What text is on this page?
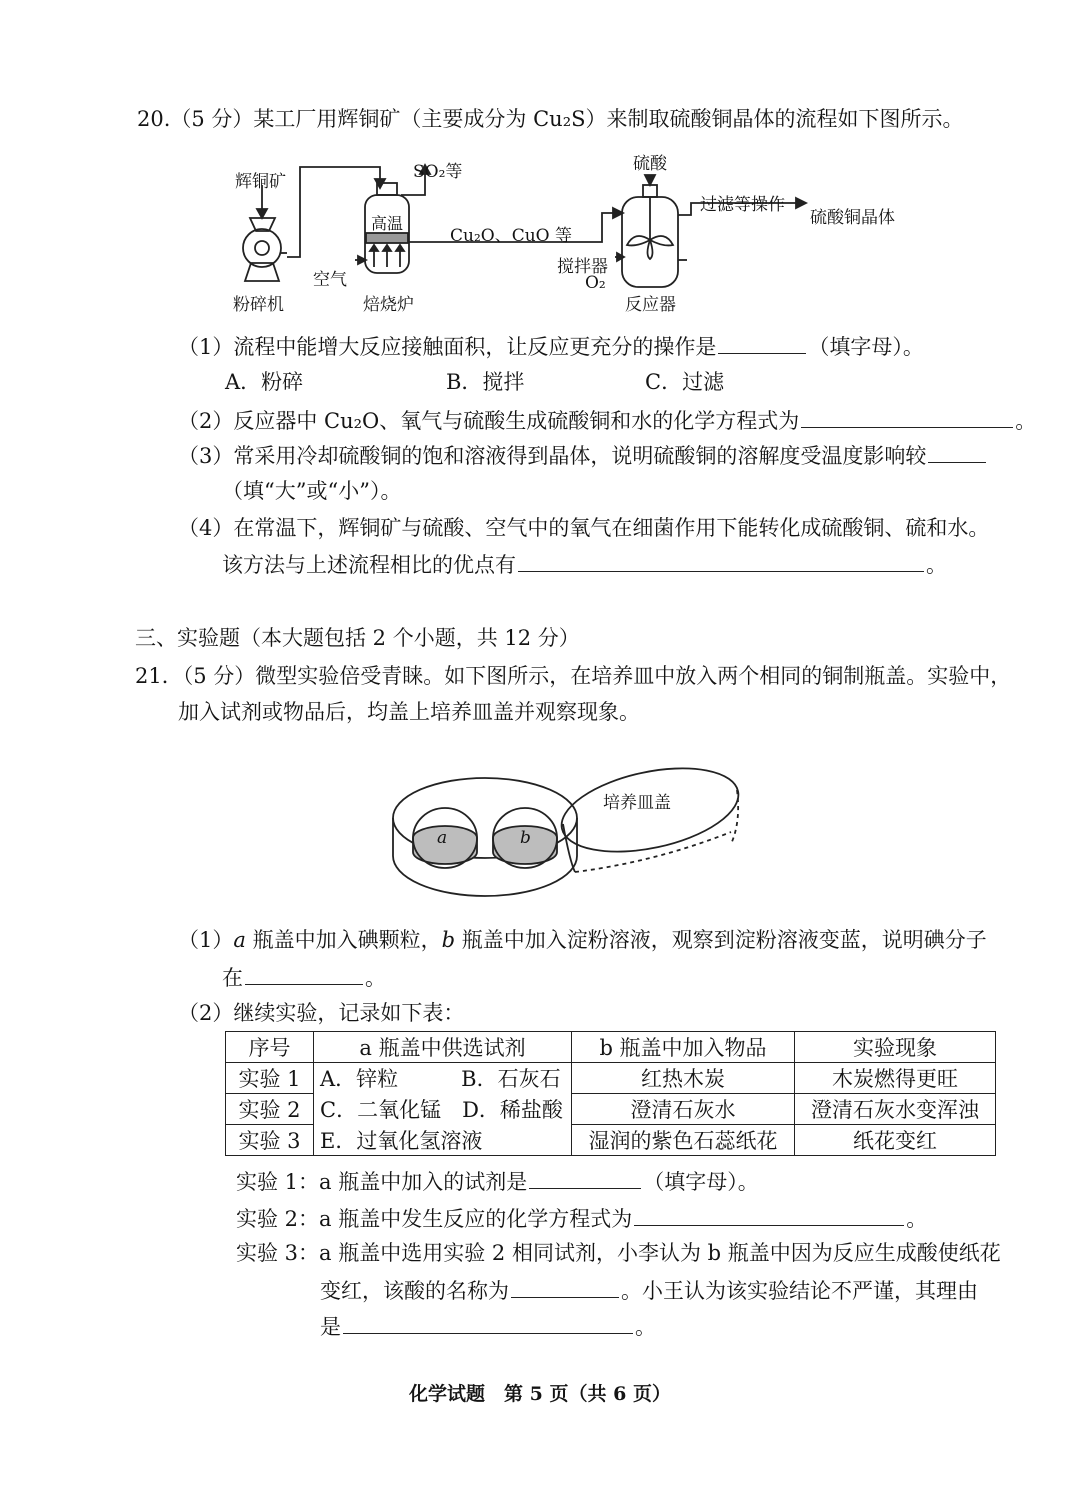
20.（5 分）某工厂用辉铜矿（主要成分为 Cu₂S）来制取硫酸铜晶体的流程如下图所示。
辉铜矿
粉碎机
SO₂等
高温
空气
焙烧炉
Cu₂O、CuO 等
硫酸
搅拌器
O₂
反应器
过滤等操作
硫酸铜晶体
（1）流程中能增大反应接触面积，让反应更充分的操作是	（填字母）。
A．粉碎	B．搅拌	C．过滤
（2）反应器中 Cu₂O、氧气与硫酸生成硫酸铜和水的化学方程式为	。
（3）常采用冷却硫酸铜的饱和溶液得到晶体，说明硫酸铜的溶解度受温度影响较
（填“大”或“小”）。
（4）在常温下，辉铜矿与硫酸、空气中的氧气在细菌作用下能转化成硫酸铜、硫和水。
该方法与上述流程相比的优点有	。
三、实验题（本大题包括 2 个小题，共 12 分）
21．（5 分）微型实验倍受青睐。如下图所示，在培养皿中放入两个相同的铜制瓶盖。实验中，
加入试剂或物品后，均盖上培养皿盖并观察现象。
a	b
培养皿盖
（1）a 瓶盖中加入碘颗粒，b 瓶盖中加入淀粉溶液，观察到淀粉溶液变蓝，说明碘分子
在	。
（2）继续实验，记录如下表：
序号	a 瓶盖中供选试剂	b 瓶盖中加入物品	实验现象
实验 1	A．锌粒　　　B．石灰石	红热木炭	木炭燃得更旺
实验 2	C．二氧化锰　D．稀盐酸	澄清石灰水	澄清石灰水变浑浊
实验 3	E．过氧化氢溶液	湿润的紫色石蕊纸花	纸花变红
实验 1：a 瓶盖中加入的试剂是	（填字母）。
实验 2：a 瓶盖中发生反应的化学方程式为	。
实验 3：a 瓶盖中选用实验 2 相同试剂，小李认为 b 瓶盖中因为反应生成酸使纸花
变红，该酸的名称为	。小王认为该实验结论不严谨，其理由
是	。
化学试题　第 5 页（共 6 页）
